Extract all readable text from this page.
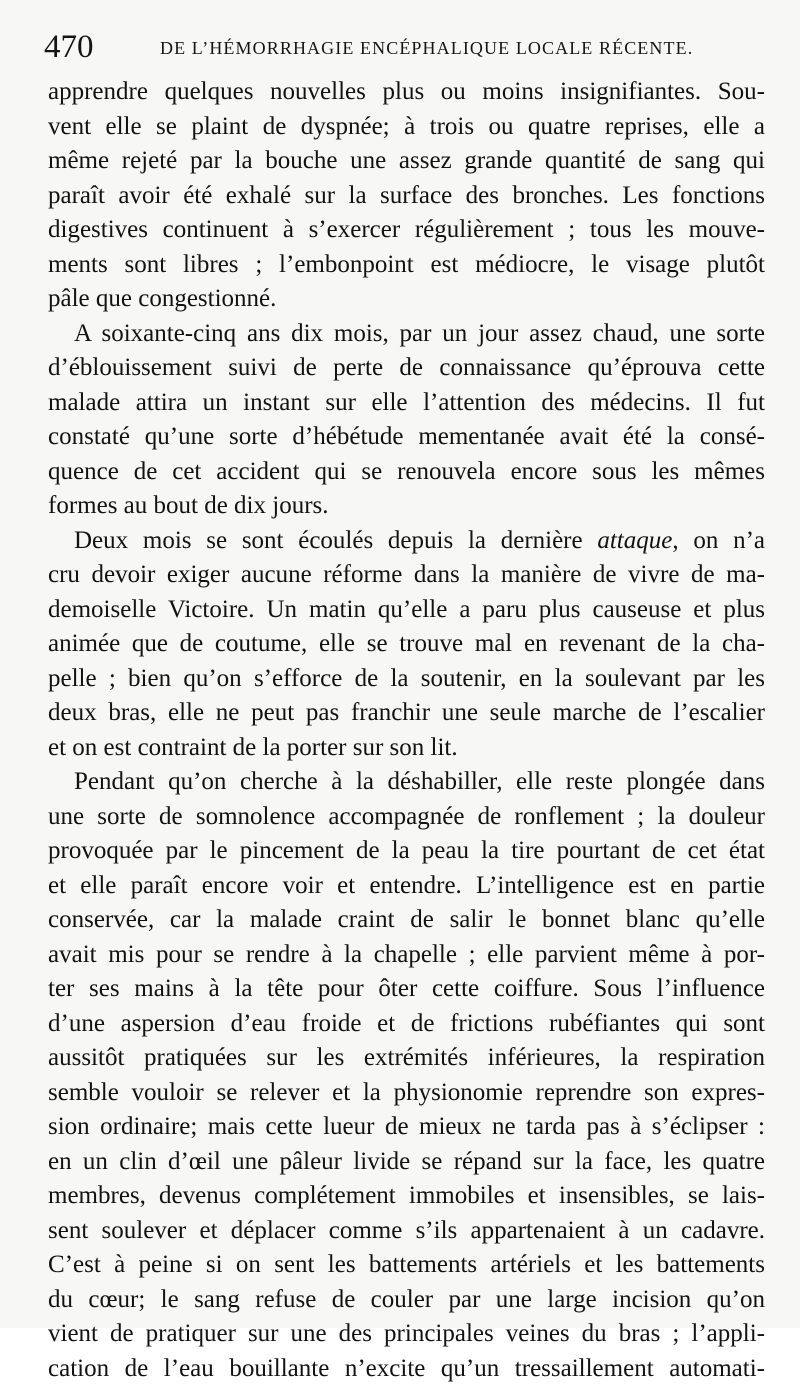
470	DE L’HÉMORRHAGIE ENCÉPHALIQUE LOCALE RÉCENTE.

apprendre quelques nouvelles plus ou moins insignifiantes. Sou-
vent elle se plaint de dyspnée; à trois ou quatre reprises, elle a
même rejeté par la bouche une assez grande quantité de sang qui
paraît avoir été exhalé sur la surface des bronches. Les fonctions
digestives continuent à s’exercer régulièrement ; tous les mouve-
ments sont libres ; l’embonpoint est médiocre, le visage plutôt
pâle que congestionné.

A soixante-cinq ans dix mois, par un jour assez chaud, une sorte
d’éblouissement suivi de perte de connaissance qu’éprouva cette
malade attira un instant sur elle l’attention des médecins. Il fut
constaté qu’une sorte d’hébétude mementanée avait été la consé-
quence de cet accident qui se renouvela encore sous les mêmes
formes au bout de dix jours.

Deux mois se sont écoulés depuis la dernière attaque, on n’a
cru devoir exiger aucune réforme dans la manière de vivre de ma-
demoiselle Victoire. Un matin qu’elle a paru plus causeuse et plus
animée que de coutume, elle se trouve mal en revenant de la cha-
pelle ; bien qu’on s’efforce de la soutenir, en la soulevant par les
deux bras, elle ne peut pas franchir une seule marche de l’escalier
et on est contraint de la porter sur son lit.

Pendant qu’on cherche à la déshabiller, elle reste plongée dans
une sorte de somnolence accompagnée de ronflement ; la douleur
provoquée par le pincement de la peau la tire pourtant de cet état
et elle paraît encore voir et entendre. L’intelligence est en partie
conservée, car la malade craint de salir le bonnet blanc qu’elle
avait mis pour se rendre à la chapelle ; elle parvient même à por-
ter ses mains à la tête pour ôter cette coiffure. Sous l’influence
d’une aspersion d’eau froide et de frictions rubéfiantes qui sont
aussitôt pratiquées sur les extrémités inférieures, la respiration
semble vouloir se relever et la physionomie reprendre son expres-
sion ordinaire; mais cette lueur de mieux ne tarda pas à s’éclipser :
en un clin d’œil une pâleur livide se répand sur la face, les quatre
membres, devenus complétement immobiles et insensibles, se lais-
sent soulever et déplacer comme s’ils appartenaient à un cadavre.
C’est à peine si on sent les battements artériels et les battements
du cœur; le sang refuse de couler par une large incision qu’on
vient de pratiquer sur une des principales veines du bras ; l’appli-
cation de l’eau bouillante n’excite qu’un tressaillement automati-
